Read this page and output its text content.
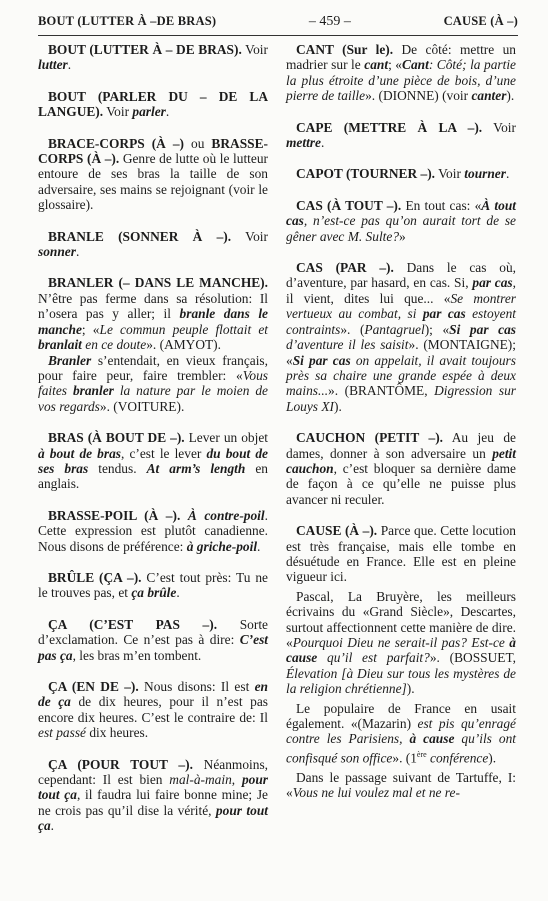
BOUT (LUTTER À –DE BRAS)	– 459 –	CAUSE (À –)

BOUT (LUTTER À – DE BRAS). Voir lutter.

BOUT (PARLER DU – DE LA LANGUE). Voir parler.

BRACE-CORPS (À –) ou BRASSE-CORPS (À –). Genre de lutte où le lutteur entoure de ses bras la taille de son adversaire, ses mains se rejoignant (voir le glossaire).

BRANLE (SONNER À –). Voir sonner.

BRANLER (– DANS LE MANCHE). N’être pas ferme dans sa résolution: Il n’osera pas y aller; il branle dans le manche; «Le commun peuple flottait et branlait en ce doute». (AMYOT).

Branler s’entendait, en vieux français, pour faire peur, faire trembler: «Vous faites branler la nature par le moien de vos regards». (VOITURE).

BRAS (À BOUT DE –). Lever un objet à bout de bras, c’est le lever du bout de ses bras tendus. At arm’s length en anglais.

BRASSE-POIL (À –). À contre-poil. Cette expression est plutôt canadienne. Nous disons de préférence: à griche-poil.

BRÛLE (ÇA –). C’est tout près: Tu ne le trouves pas, et ça brûle.

ÇA (C’EST PAS –). Sorte d’exclamation. Ce n’est pas à dire: C’est pas ça, les bras m’en tombent.

ÇA (EN DE –). Nous disons: Il est en de ça de dix heures, pour il n’est pas encore dix heures. C’est le contraire de: Il est passé dix heures.

ÇA (POUR TOUT –). Néanmoins, cependant: Il est bien mal-à-main, pour tout ça, il faudra lui faire bonne mine; Je ne crois pas qu’il dise la vérité, pour tout ça.

CANT (Sur le). De côté: mettre un madrier sur le cant; «Cant: Côté; la partie la plus étroite d’une pièce de bois, d’une pierre de taille». (DIONNE) (voir canter).

CAPE (METTRE À LA –). Voir mettre.

CAPOT (TOURNER –). Voir tourner.

CAS (À TOUT –). En tout cas: «À tout cas, n’est-ce pas qu’on aurait tort de se gêner avec M. Sulte?»

CAS (PAR –). Dans le cas où, d’aventure, par hasard, en cas. Si, par cas, il vient, dites lui que... «Se montrer vertueux au combat, si par cas estoyent contraints». (Pantagruel); «Si par cas d’aventure il les saisit». (MONTAIGNE); «Si par cas on appelait, il avait toujours près sa chaire une grande espée à deux mains...». (BRANTÔME, Digression sur Louys XI).

CAUCHON (PETIT –). Au jeu de dames, donner à son adversaire un petit cauchon, c’est bloquer sa dernière dame de façon à ce qu’elle ne puisse plus avancer ni reculer.

CAUSE (À –). Parce que. Cette locution est très française, mais elle tombe en désuétude en France. Elle est en pleine vigueur ici.

Pascal, La Bruyère, les meilleurs écrivains du «Grand Siècle», Descartes, surtout affectionnent cette manière de dire. «Pourquoi Dieu ne serait-il pas? Est-ce à cause qu’il est parfait?». (BOSSUET, Élevation [à Dieu sur tous les mystères de la religion chrétienne]).

Le populaire de France en usait également. «(Mazarin) est pis qu’enragé contre les Parisiens, à cause qu’ils ont confisqué son office». (1ère conférence).

Dans le passage suivant de Tartuffe, I: «Vous ne lui voulez mal et ne re-
